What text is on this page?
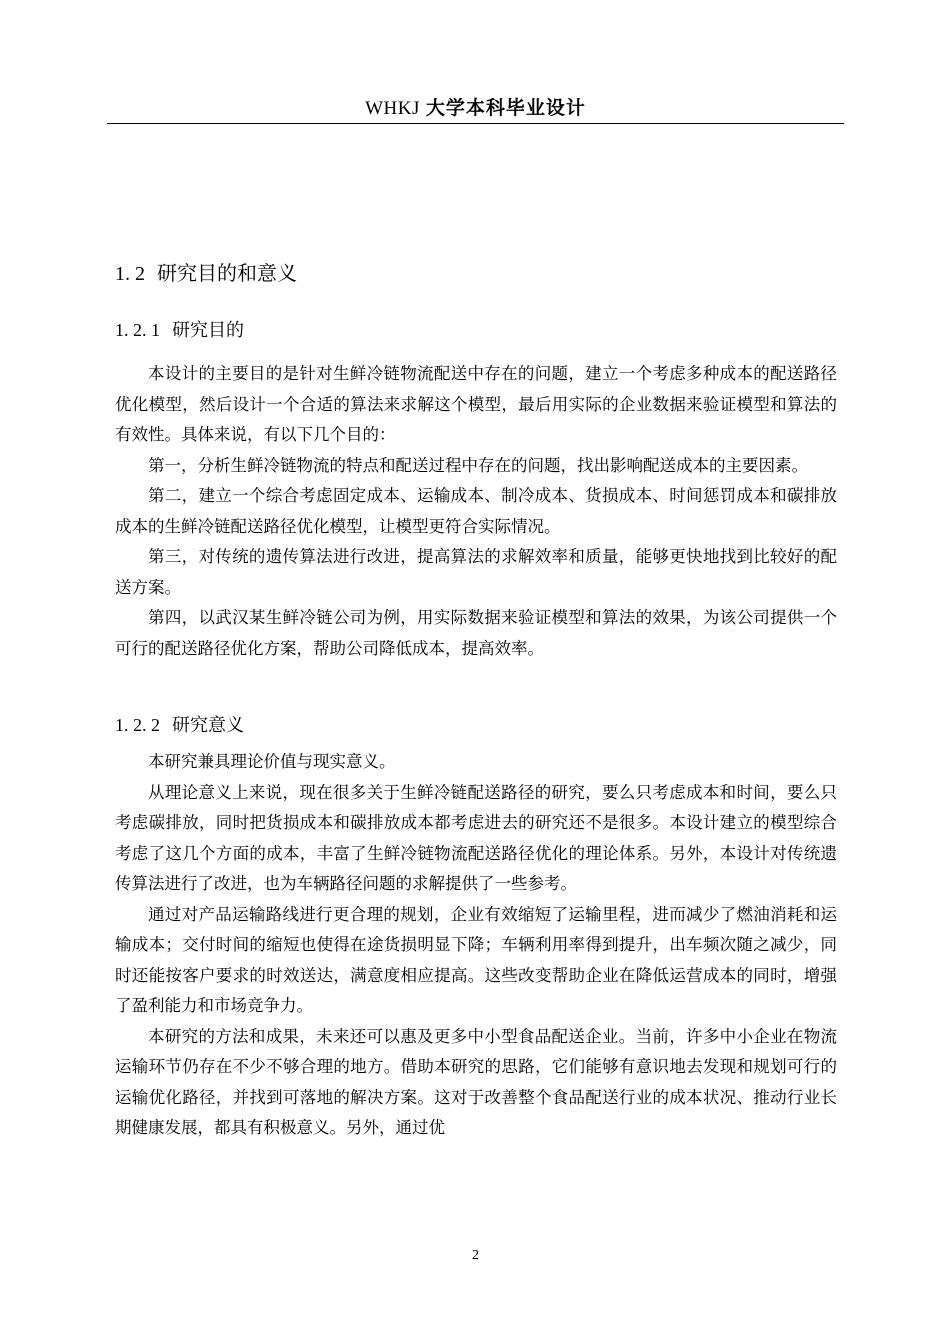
WHKJ 大学本科毕业设计
1. 2 研究目的和意义
1. 2. 1 研究目的

本设计的主要目的是针对生鲜冷链物流配送中存在的问题，建立一个考虑多种成本的配送路径优化模型，然后设计一个合适的算法来求解这个模型，最后用实际的企业数据来验证模型和算法的有效性。具体来说，有以下几个目的：

第一，分析生鲜冷链物流的特点和配送过程中存在的问题，找出影响配送成本的主要因素。

第二，建立一个综合考虑固定成本、运输成本、制冷成本、货损成本、时间惩罚成本和碳排放成本的生鲜冷链配送路径优化模型，让模型更符合实际情况。

第三，对传统的遗传算法进行改进，提高算法的求解效率和质量，能够更快地找到比较好的配送方案。

第四，以武汉某生鲜冷链公司为例，用实际数据来验证模型和算法的效果，为该公司提供一个可行的配送路径优化方案，帮助公司降低成本，提高效率。

1. 2. 2 研究意义

本研究兼具理论价值与现实意义。

从理论意义上来说，现在很多关于生鲜冷链配送路径的研究，要么只考虑成本和时间，要么只考虑碳排放，同时把货损成本和碳排放成本都考虑进去的研究还不是很多。本设计建立的模型综合考虑了这几个方面的成本，丰富了生鲜冷链物流配送路径优化的理论体系。另外，本设计对传统遗传算法进行了改进，也为车辆路径问题的求解提供了一些参考。

通过对产品运输路线进行更合理的规划，企业有效缩短了运输里程，进而减少了燃油消耗和运输成本；交付时间的缩短也使得在途货损明显下降；车辆利用率得到提升，出车频次随之减少，同时还能按客户要求的时效送达，满意度相应提高。这些改变帮助企业在降低运营成本的同时，增强了盈利能力和市场竞争力。

本研究的方法和成果，未来还可以惠及更多中小型食品配送企业。当前，许多中小企业在物流运输环节仍存在不少不够合理的地方。借助本研究的思路，它们能够有意识地去发现和规划可行的运输优化路径，并找到可落地的解决方案。这对于改善整个食品配送行业的成本状况、推动行业长期健康发展，都具有积极意义。另外，通过优

2
